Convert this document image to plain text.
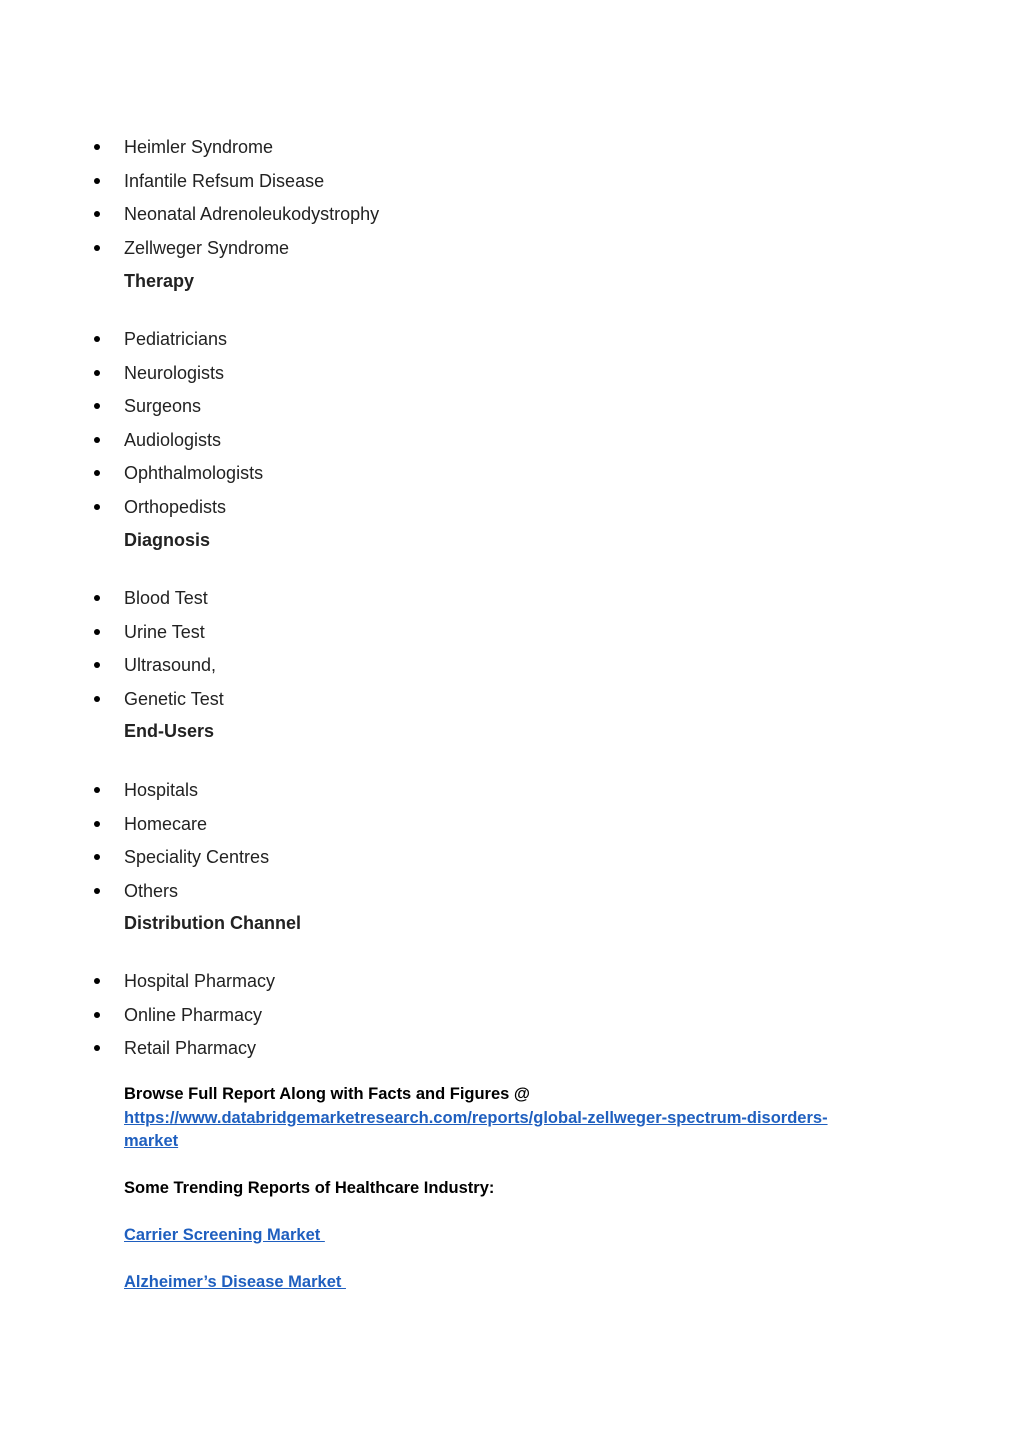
Heimler Syndrome
Infantile Refsum Disease
Neonatal Adrenoleukodystrophy
Zellweger Syndrome

Therapy

Pediatricians
Neurologists
Surgeons
Audiologists
Ophthalmologists
Orthopedists

Diagnosis

Blood Test
Urine Test
Ultrasound,
Genetic Test

End-Users

Hospitals
Homecare
Speciality Centres
Others

Distribution Channel

Hospital Pharmacy
Online Pharmacy
Retail Pharmacy

Browse Full Report Along with Facts and Figures @

https://www.databridgemarketresearch.com/reports/global-zellweger-spectrum-disorders-
market

Some Trending Reports of Healthcare Industry:

Carrier Screening Market

Alzheimer’s Disease Market
